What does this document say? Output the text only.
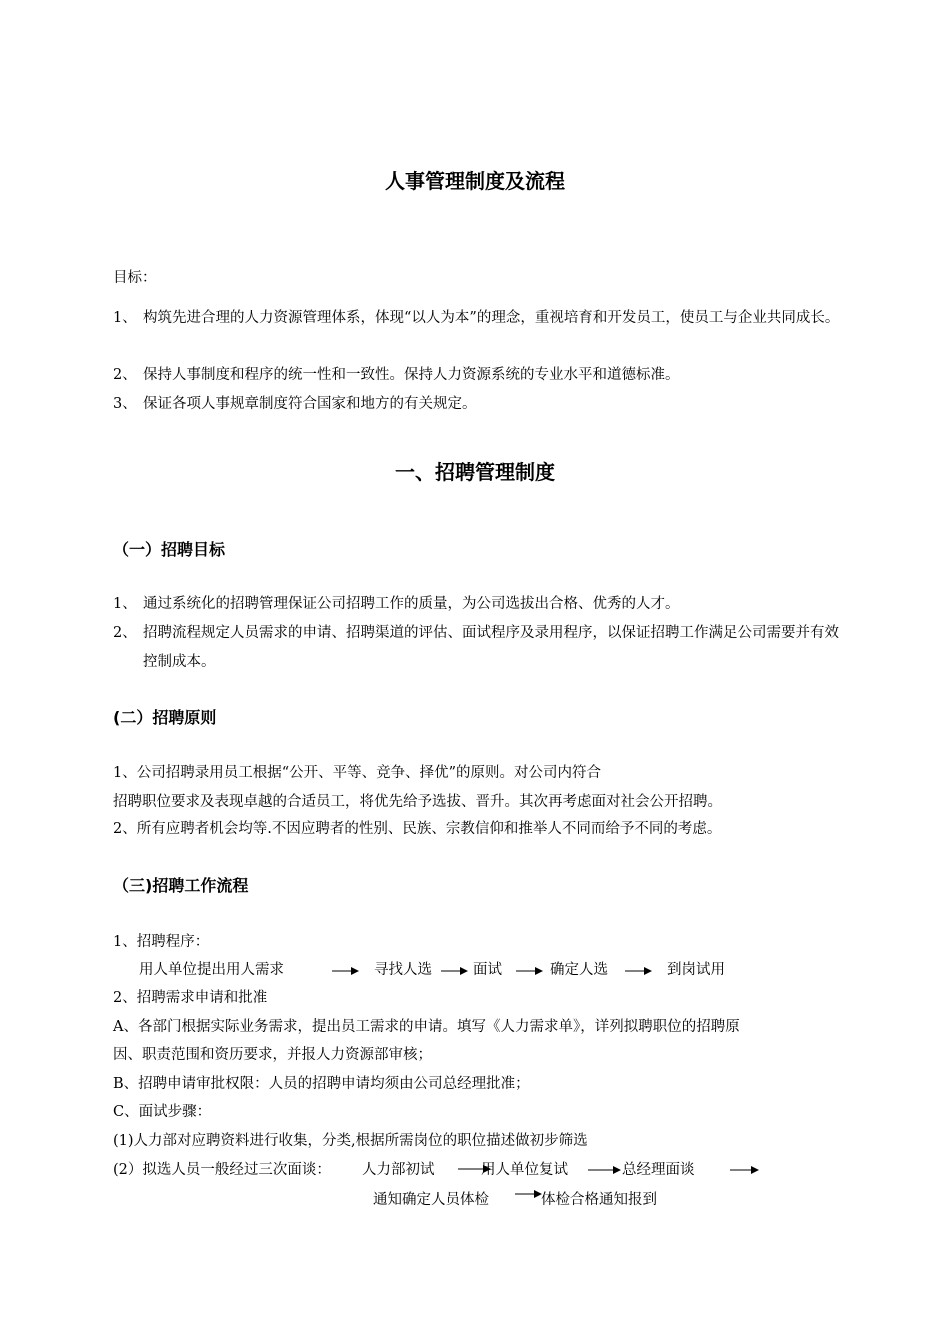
人事管理制度及流程
目标：
1、 构筑先进合理的人力资源管理体系，体现“以人为本”的理念，重视培育和开发员工，使员工与企业共同成长。
2、 保持人事制度和程序的统一性和一致性。保持人力资源系统的专业水平和道德标准。
3、 保证各项人事规章制度符合国家和地方的有关规定。
一、招聘管理制度
（一）招聘目标
1、 通过系统化的招聘管理保证公司招聘工作的质量，为公司选拔出合格、优秀的人才。
2、 招聘流程规定人员需求的申请、招聘渠道的评估、面试程序及录用程序，以保证招聘工作满足公司需要并有效控制成本。
(二）招聘原则
1、公司招聘录用员工根据“公开、平等、竞争、择优”的原则。对公司内符合
招聘职位要求及表现卓越的合适员工，将优先给予选拔、晋升。其次再考虑面对社会公开招聘。
2、所有应聘者机会均等.不因应聘者的性别、民族、宗教信仰和推举人不同而给予不同的考虑。
（三)招聘工作流程
1、招聘程序：
用人单位提出用人需求	寻找人选	面试	确定人选	到岗试用
2、招聘需求申请和批准
A、各部门根据实际业务需求，提出员工需求的申请。填写《人力需求单》，详列拟聘职位的招聘原
因、职责范围和资历要求，并报人力资源部审核；
B、招聘申请审批权限：人员的招聘申请均须由公司总经理批准；
C、面试步骤：
(1)人力部对应聘资料进行收集，分类,根据所需岗位的职位描述做初步筛选
(2）拟选人员一般经过三次面谈： 人力部初试	用人单位复试	总经理面谈
通知确定人员体检	体检合格通知报到
